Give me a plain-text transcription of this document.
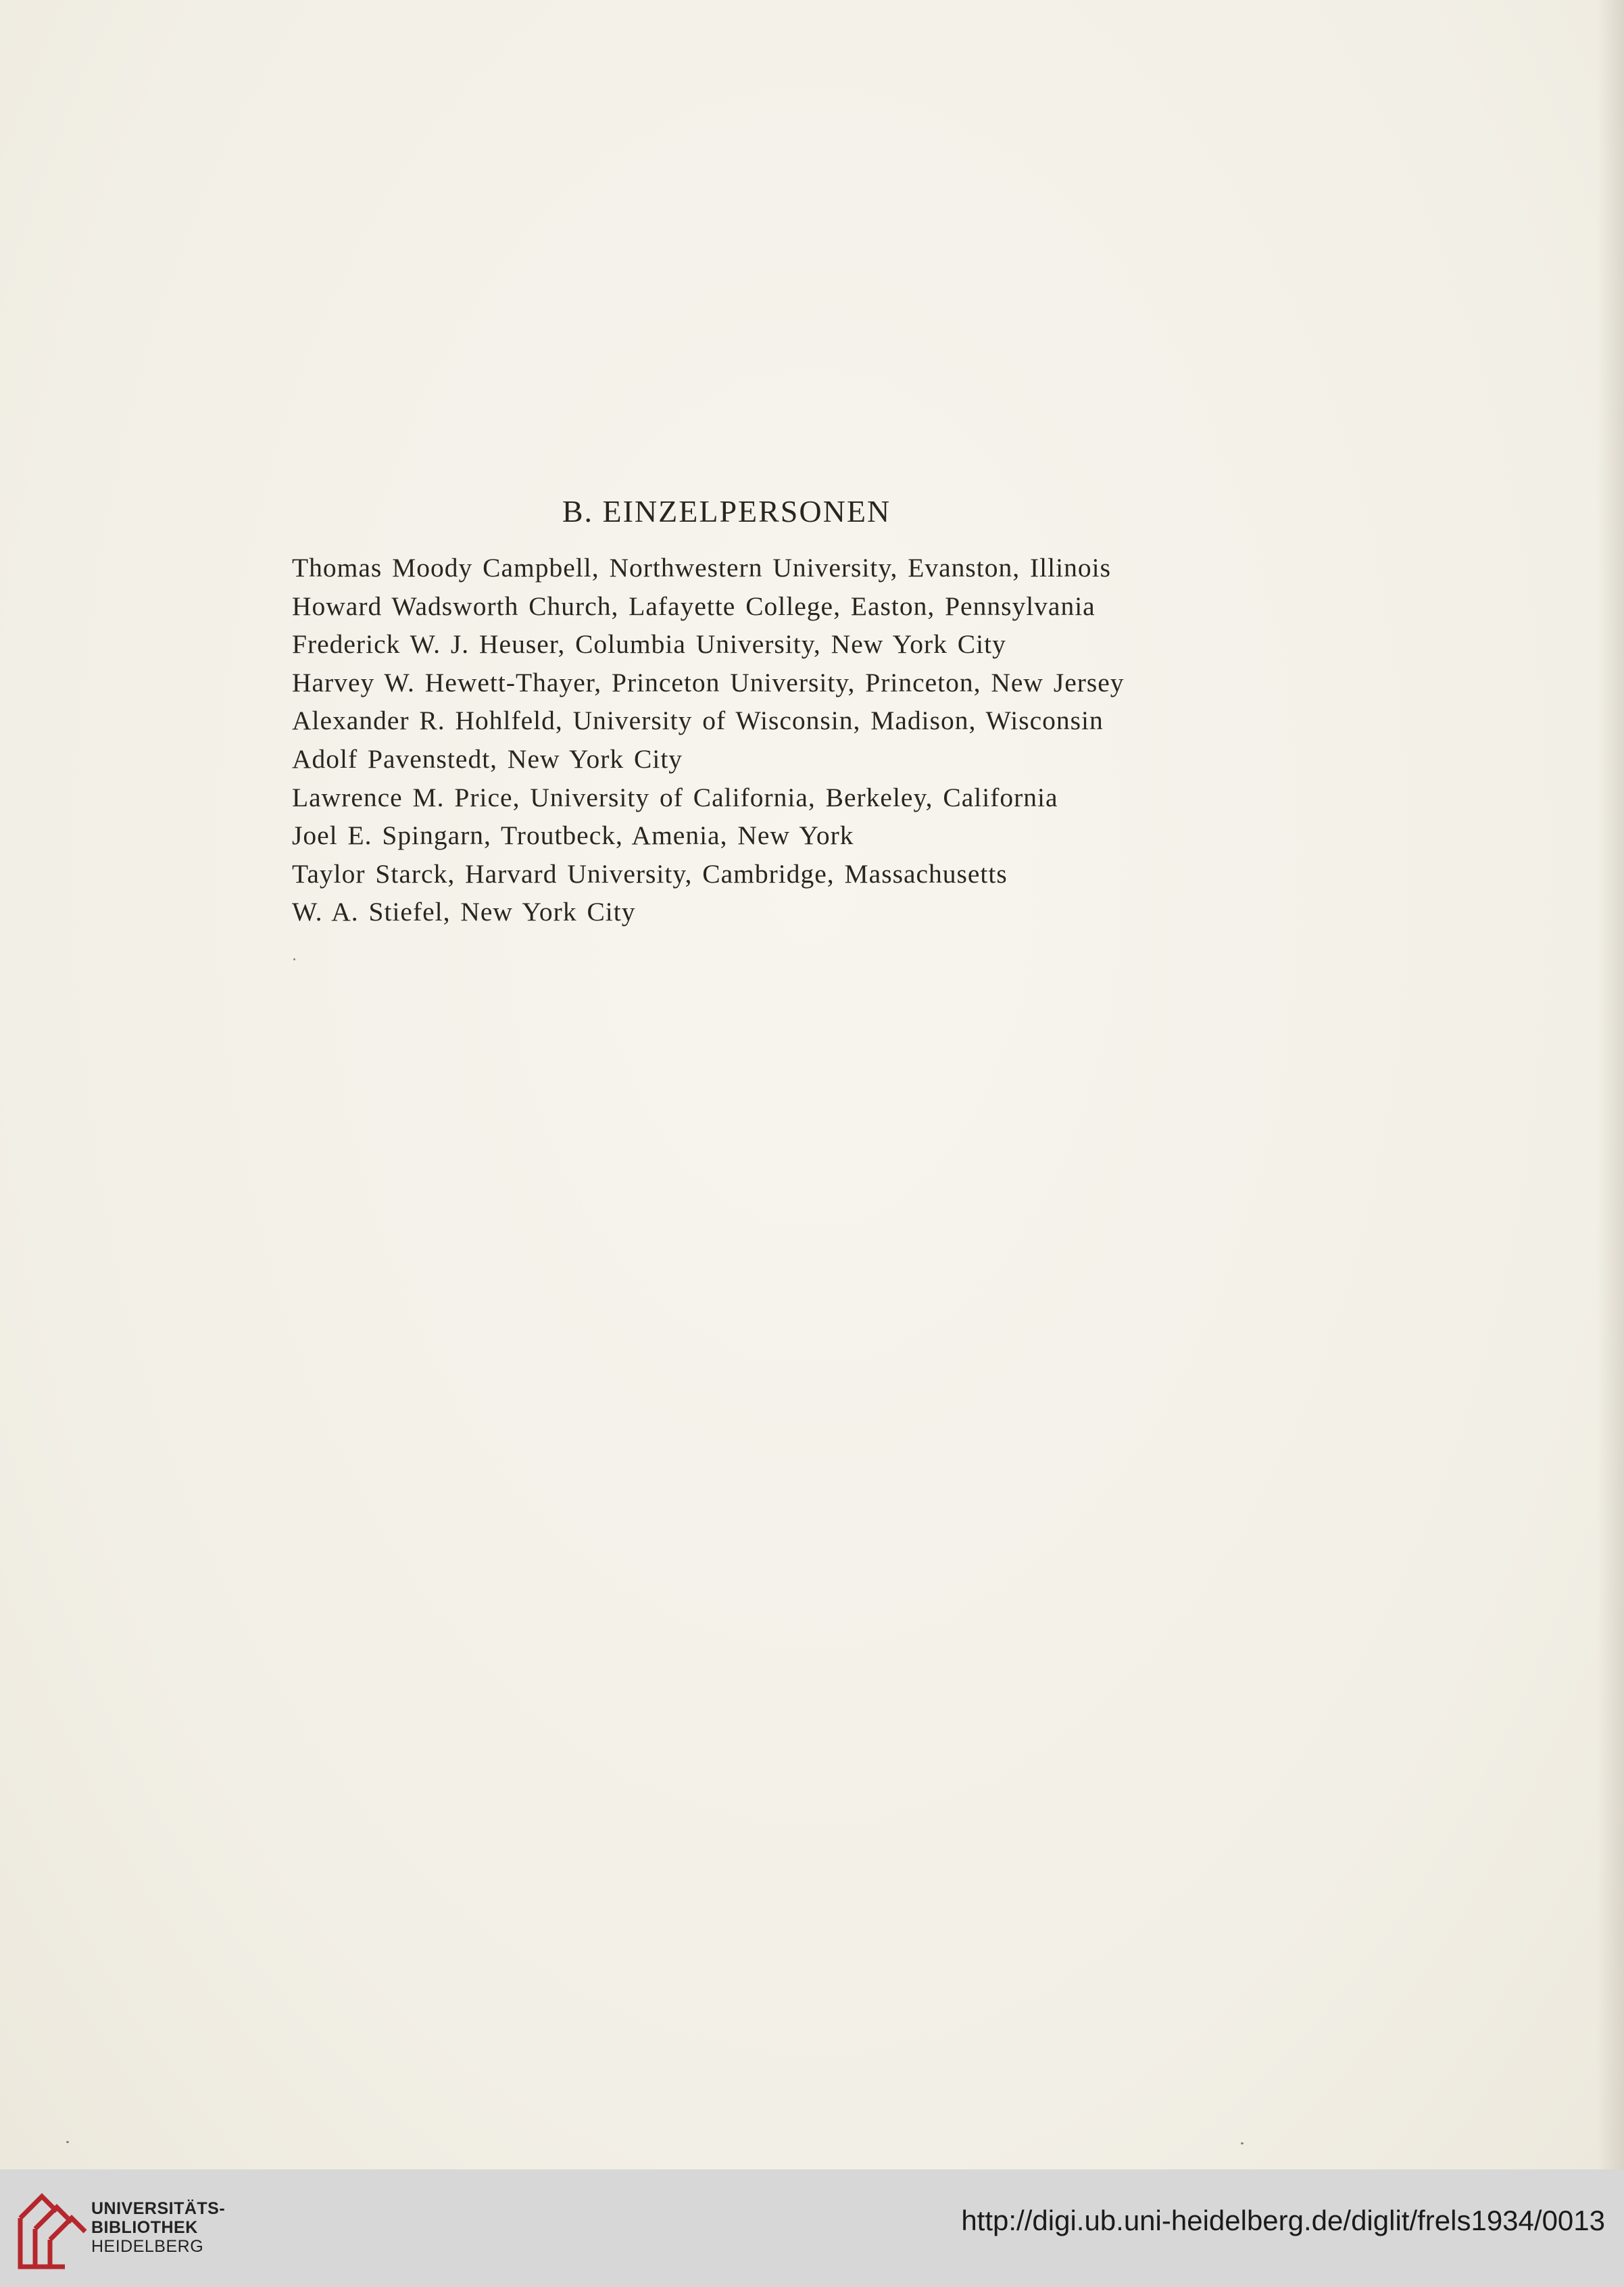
B. EINZELPERSONEN
Thomas Moody Campbell, Northwestern University, Evanston, Illinois
Howard Wadsworth Church, Lafayette College, Easton, Pennsylvania
Frederick W. J. Heuser, Columbia University, New York City
Harvey W. Hewett-Thayer, Princeton University, Princeton, New Jersey
Alexander R. Hohlfeld, University of Wisconsin, Madison, Wisconsin
Adolf Pavenstedt, New York City
Lawrence M. Price, University of California, Berkeley, California
Joel E. Spingarn, Troutbeck, Amenia, New York
Taylor Starck, Harvard University, Cambridge, Massachusetts
W. A. Stiefel, New York City
UNIVERSITÄTS-
BIBLIOTHEK
HEIDELBERG
http://digi.ub.uni-heidelberg.de/diglit/frels1934/0013
